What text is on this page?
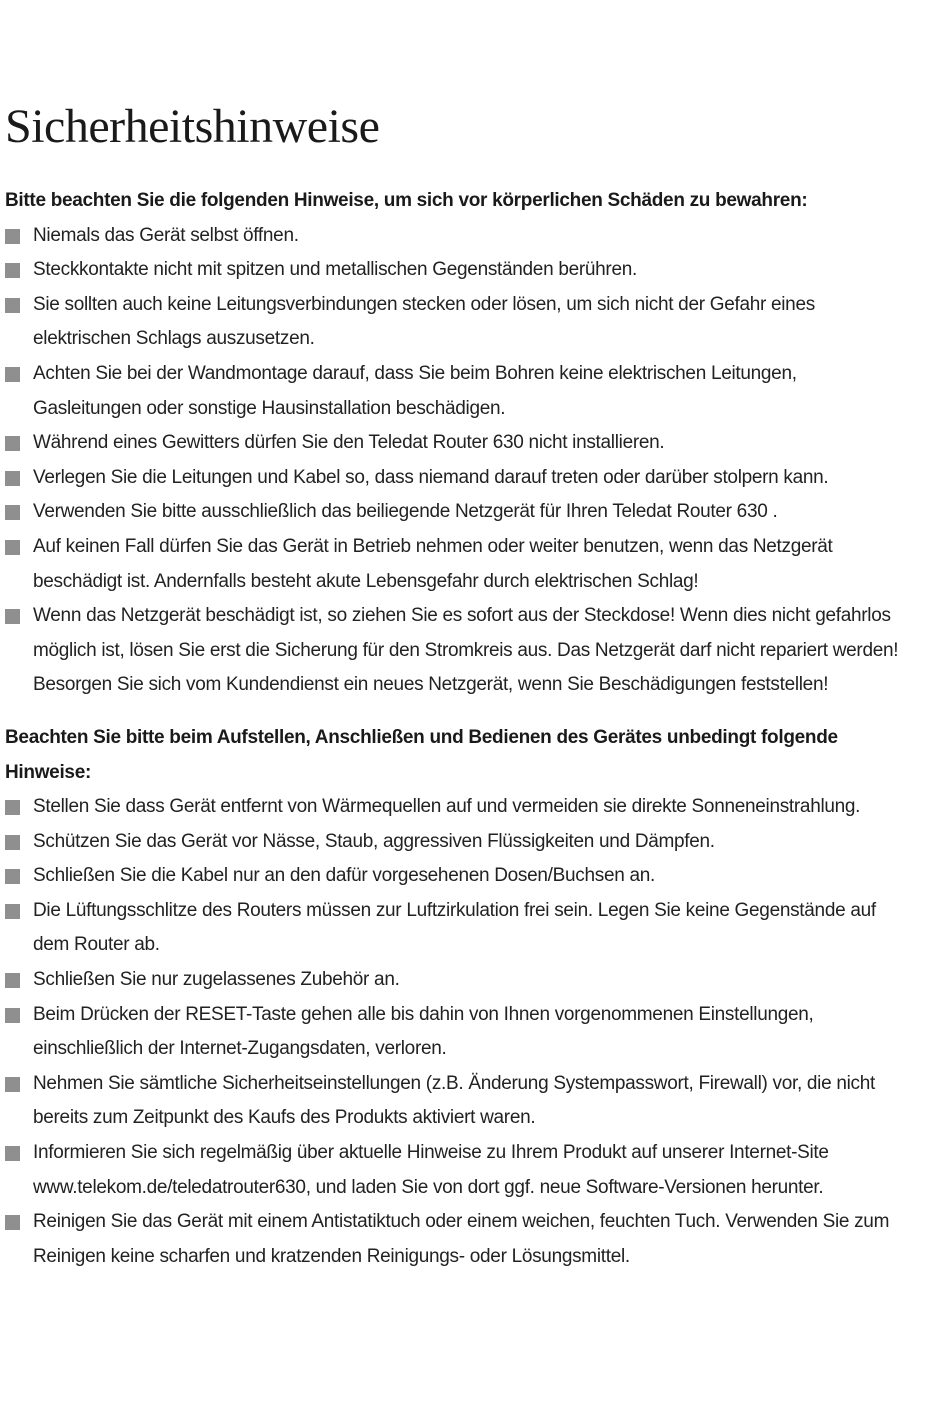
Sicherheitshinweise

Bitte beachten Sie die folgenden Hinweise, um sich vor körperlichen Schäden zu bewahren:

Niemals das Gerät selbst öffnen.
Steckkontakte nicht mit spitzen und metallischen Gegenständen berühren.
Sie sollten auch keine Leitungsverbindungen stecken oder lösen, um sich nicht der Gefahr eines elektrischen Schlags auszusetzen.
Achten Sie bei der Wandmontage darauf, dass Sie beim Bohren keine elektrischen Leitungen, Gasleitungen oder sonstige Hausinstallation beschädigen.
Während eines Gewitters dürfen Sie den Teledat Router 630 nicht installieren.
Verlegen Sie die Leitungen und Kabel so, dass niemand darauf treten oder darüber stolpern kann.
Verwenden Sie bitte ausschließlich das beiliegende Netzgerät für Ihren Teledat Router 630 .
Auf keinen Fall dürfen Sie das Gerät in Betrieb nehmen oder weiter benutzen, wenn das Netzgerät beschädigt ist. Andernfalls besteht akute Lebensgefahr durch elektrischen Schlag!
Wenn das Netzgerät beschädigt ist, so ziehen Sie es sofort aus der Steckdose! Wenn dies nicht gefahrlos möglich ist, lösen Sie erst die Sicherung für den Stromkreis aus. Das Netzgerät darf nicht repariert werden! Besorgen Sie sich vom Kundendienst ein neues Netzgerät, wenn Sie Beschädigungen feststellen!

Beachten Sie bitte beim Aufstellen, Anschließen und Bedienen des Gerätes unbedingt folgende Hinweise:

Stellen Sie dass Gerät entfernt von Wärmequellen auf und vermeiden sie direkte Sonneneinstrahlung.
Schützen Sie das Gerät vor Nässe, Staub, aggressiven Flüssigkeiten und Dämpfen.
Schließen Sie die Kabel nur an den dafür vorgesehenen Dosen/Buchsen an.
Die Lüftungsschlitze des Routers müssen zur Luftzirkulation frei sein. Legen Sie keine Gegenstände auf dem Router ab.
Schließen Sie nur zugelassenes Zubehör an.
Beim Drücken der RESET-Taste gehen alle bis dahin von Ihnen vorgenommenen Einstellungen, einschließlich der Internet-Zugangsdaten, verloren.
Nehmen Sie sämtliche Sicherheitseinstellungen (z.B. Änderung Systempasswort, Firewall) vor, die nicht bereits zum Zeitpunkt des Kaufs des Produkts aktiviert waren.
Informieren Sie sich regelmäßig über aktuelle Hinweise zu Ihrem Produkt auf unserer Internet-Site www.telekom.de/teledatrouter630, und laden Sie von dort ggf. neue Software-Versionen herunter.
Reinigen Sie das Gerät mit einem Antistatiktuch oder einem weichen, feuchten Tuch. Verwenden Sie zum Reinigen keine scharfen und kratzenden Reinigungs- oder Lösungsmittel.
